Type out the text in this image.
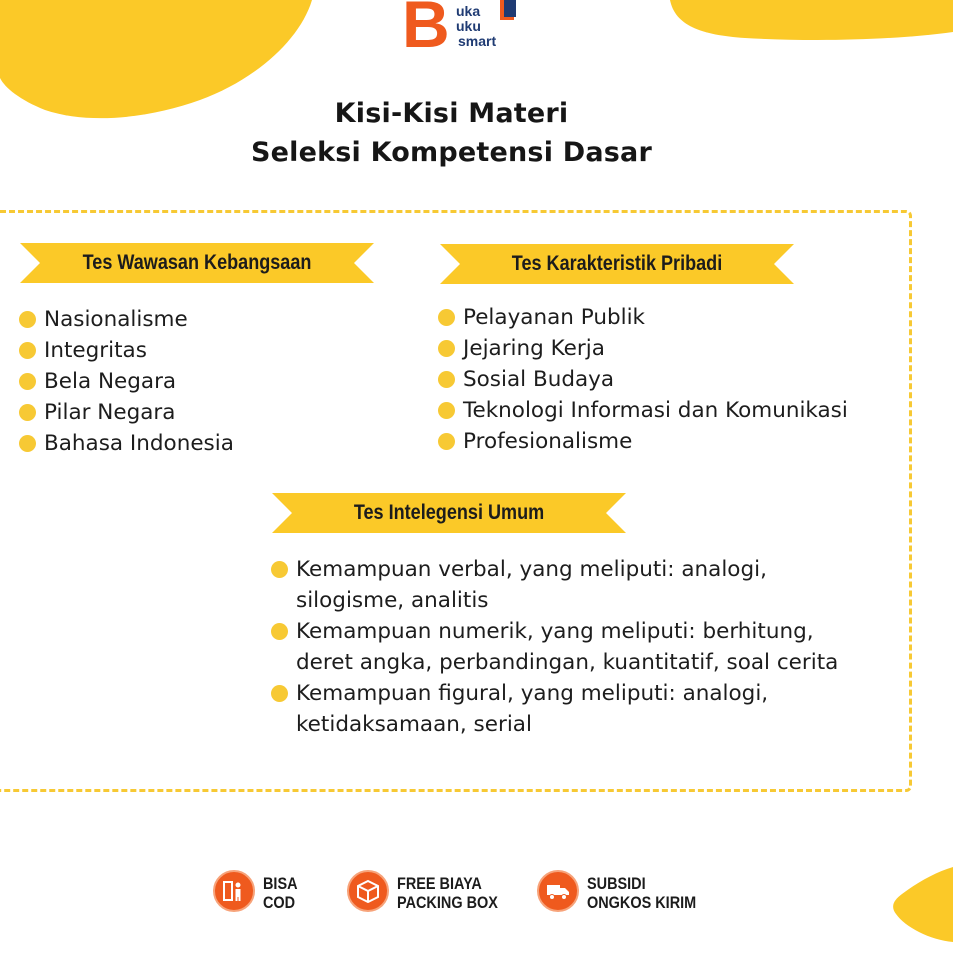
B uka
uku
smart
Kisi-Kisi Materi
Seleksi Kompetensi Dasar
Tes Wawasan Kebangsaan	Tes Karakteristik Pribadi
Tes Intelegensi Umum
Nasionalisme
Integritas
Bela Negara
Pilar Negara
Bahasa Indonesia
Pelayanan Publik
Jejaring Kerja
Sosial Budaya
Teknologi Informasi dan Komunikasi
Profesionalisme
Kemampuan verbal, yang meliputi: analogi, silogisme, analitis
Kemampuan numerik, yang meliputi: berhitung, deret angka, perbandingan, kuantitatif, soal cerita
Kemampuan figural, yang meliputi: analogi, ketidaksamaan, serial
BISA
COD
FREE BIAYA
PACKING BOX
SUBSIDI
ONGKOS KIRIM
